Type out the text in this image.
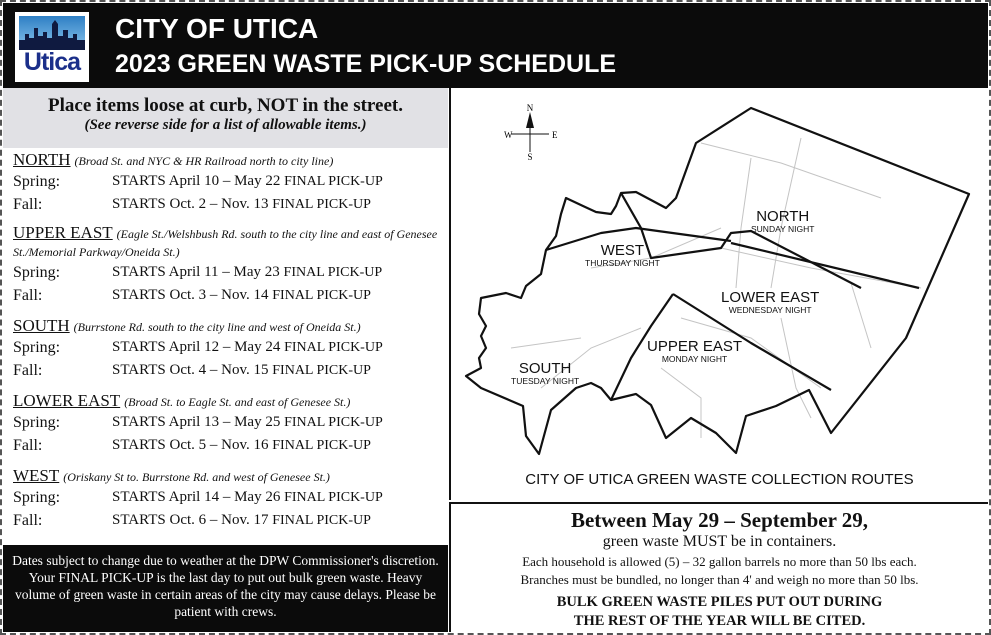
Utica
CITY OF UTICA
2023 GREEN WASTE PICK-UP SCHEDULE
Place items loose at curb, NOT in the street.
(See reverse side for a list of allowable items.)
NORTH (Broad St. and NYC & HR Railroad north to city line)
Spring:	STARTS April 10 – May 22 FINAL PICK-UP
Fall:	STARTS Oct. 2 – Nov. 13 FINAL PICK-UP
UPPER EAST (Eagle St./Welshbush Rd. south to the city line and east of Genesee St./Memorial Parkway/Oneida St.)
Spring:	STARTS April 11 – May 23 FINAL PICK-UP
Fall:	STARTS Oct. 3 – Nov. 14 FINAL PICK-UP
SOUTH (Burrstone Rd. south to the city line and west of Oneida St.)
Spring:	STARTS April 12 – May 24 FINAL PICK-UP
Fall:	STARTS Oct. 4 – Nov. 15 FINAL PICK-UP
LOWER EAST (Broad St. to Eagle St. and east of Genesee St.)
Spring:	STARTS April 13 – May 25 FINAL PICK-UP
Fall:	STARTS Oct. 5 – Nov. 16 FINAL PICK-UP
WEST (Oriskany St to. Burrstone Rd. and west of Genesee St.)
Spring:	STARTS April 14 – May 26 FINAL PICK-UP
Fall:	STARTS Oct. 6 – Nov. 17 FINAL PICK-UP
Dates subject to change due to weather at the DPW Commissioner's discretion. Your FINAL PICK-UP is the last day to put out bulk green waste. Heavy volume of green waste in certain areas of the city may cause delays. Please be patient with crews.
N
S
E
W
NORTH
SUNDAY NIGHT
WEST
THURSDAY NIGHT
LOWER EAST
WEDNESDAY NIGHT
UPPER EAST
MONDAY NIGHT
SOUTH
TUESDAY NIGHT
CITY OF UTICA GREEN WASTE COLLECTION ROUTES
Between May 29 – September 29,
green waste MUST be in containers.
Each household is allowed (5) – 32 gallon barrels no more than 50 lbs each.
Branches must be bundled, no longer than 4' and weigh no more than 50 lbs.
BULK GREEN WASTE PILES PUT OUT DURING
THE REST OF THE YEAR WILL BE CITED.
